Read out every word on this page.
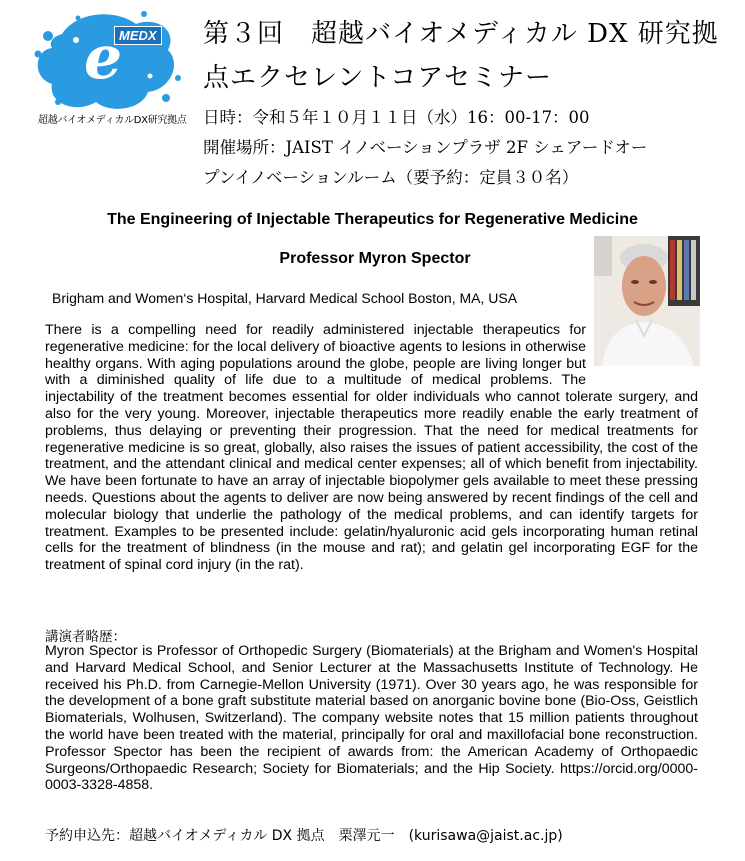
MEDX
e
超越バイオメディカルDX研究拠点
第３回　超越バイオメディカル DX 研究拠
点エクセレントコアセミナー
日時：令和５年１０月１１日（水）16：00-17：00
開催場所：JAIST イノベーションプラザ 2F シェアードオー
プンイノベーションルーム（要予約：定員３０名）
The Engineering of Injectable Therapeutics for Regenerative Medicine
Professor Myron Spector
Brigham and Women‘s Hospital, Harvard Medical School Boston, MA, USA

There is a compelling need for readily administered injectable therapeutics for regenerative medicine: for the local delivery of bioactive agents to lesions in otherwise healthy organs. With aging populations around the globe, people are living longer but with a diminished quality of life due to a multitude of medical problems. The injectability of the treatment becomes essential for older individuals who cannot tolerate surgery, and also for the very young. Moreover, injectable therapeutics more readily enable the early treatment of problems, thus delaying or preventing their progression. That the need for medical treatments for regenerative medicine is so great, globally, also raises the issues of patient accessibility, the cost of the treatment, and the attendant clinical and medical center expenses; all of which benefit from injectability. We have been fortunate to have an array of injectable biopolymer gels available to meet these pressing needs. Questions about the agents to deliver are now being answered by recent findings of the cell and molecular biology that underlie the pathology of the medical problems, and can identify targets for treatment. Examples to be presented include: gelatin/hyaluronic acid gels incorporating human retinal cells for the treatment of blindness (in the mouse and rat); and gelatin gel incorporating EGF for the treatment of spinal cord injury (in the rat).

講演者略歴：

Myron Spector is Professor of Orthopedic Surgery (Biomaterials) at the Brigham and Women's Hospital and Harvard Medical School, and Senior Lecturer at the Massachusetts Institute of Technology. He received his Ph.D. from Carnegie-Mellon University (1971). Over 30 years ago, he was responsible for the development of a bone graft substitute material based on anorganic bovine bone (Bio-Oss, Geistlich Biomaterials, Wolhusen, Switzerland). The company website notes that 15 million patients throughout the world have been treated with the material, principally for oral and maxillofacial bone reconstruction. Professor Spector has been the recipient of awards from: the American Academy of Orthopaedic Surgeons/Orthopaedic Research; Society for Biomaterials; and the Hip Society. https://orcid.org/0000-0003-3328-4858.

予約申込先：超越バイオメディカル DX 拠点　栗澤元一　(kurisawa@jaist.ac.jp)
